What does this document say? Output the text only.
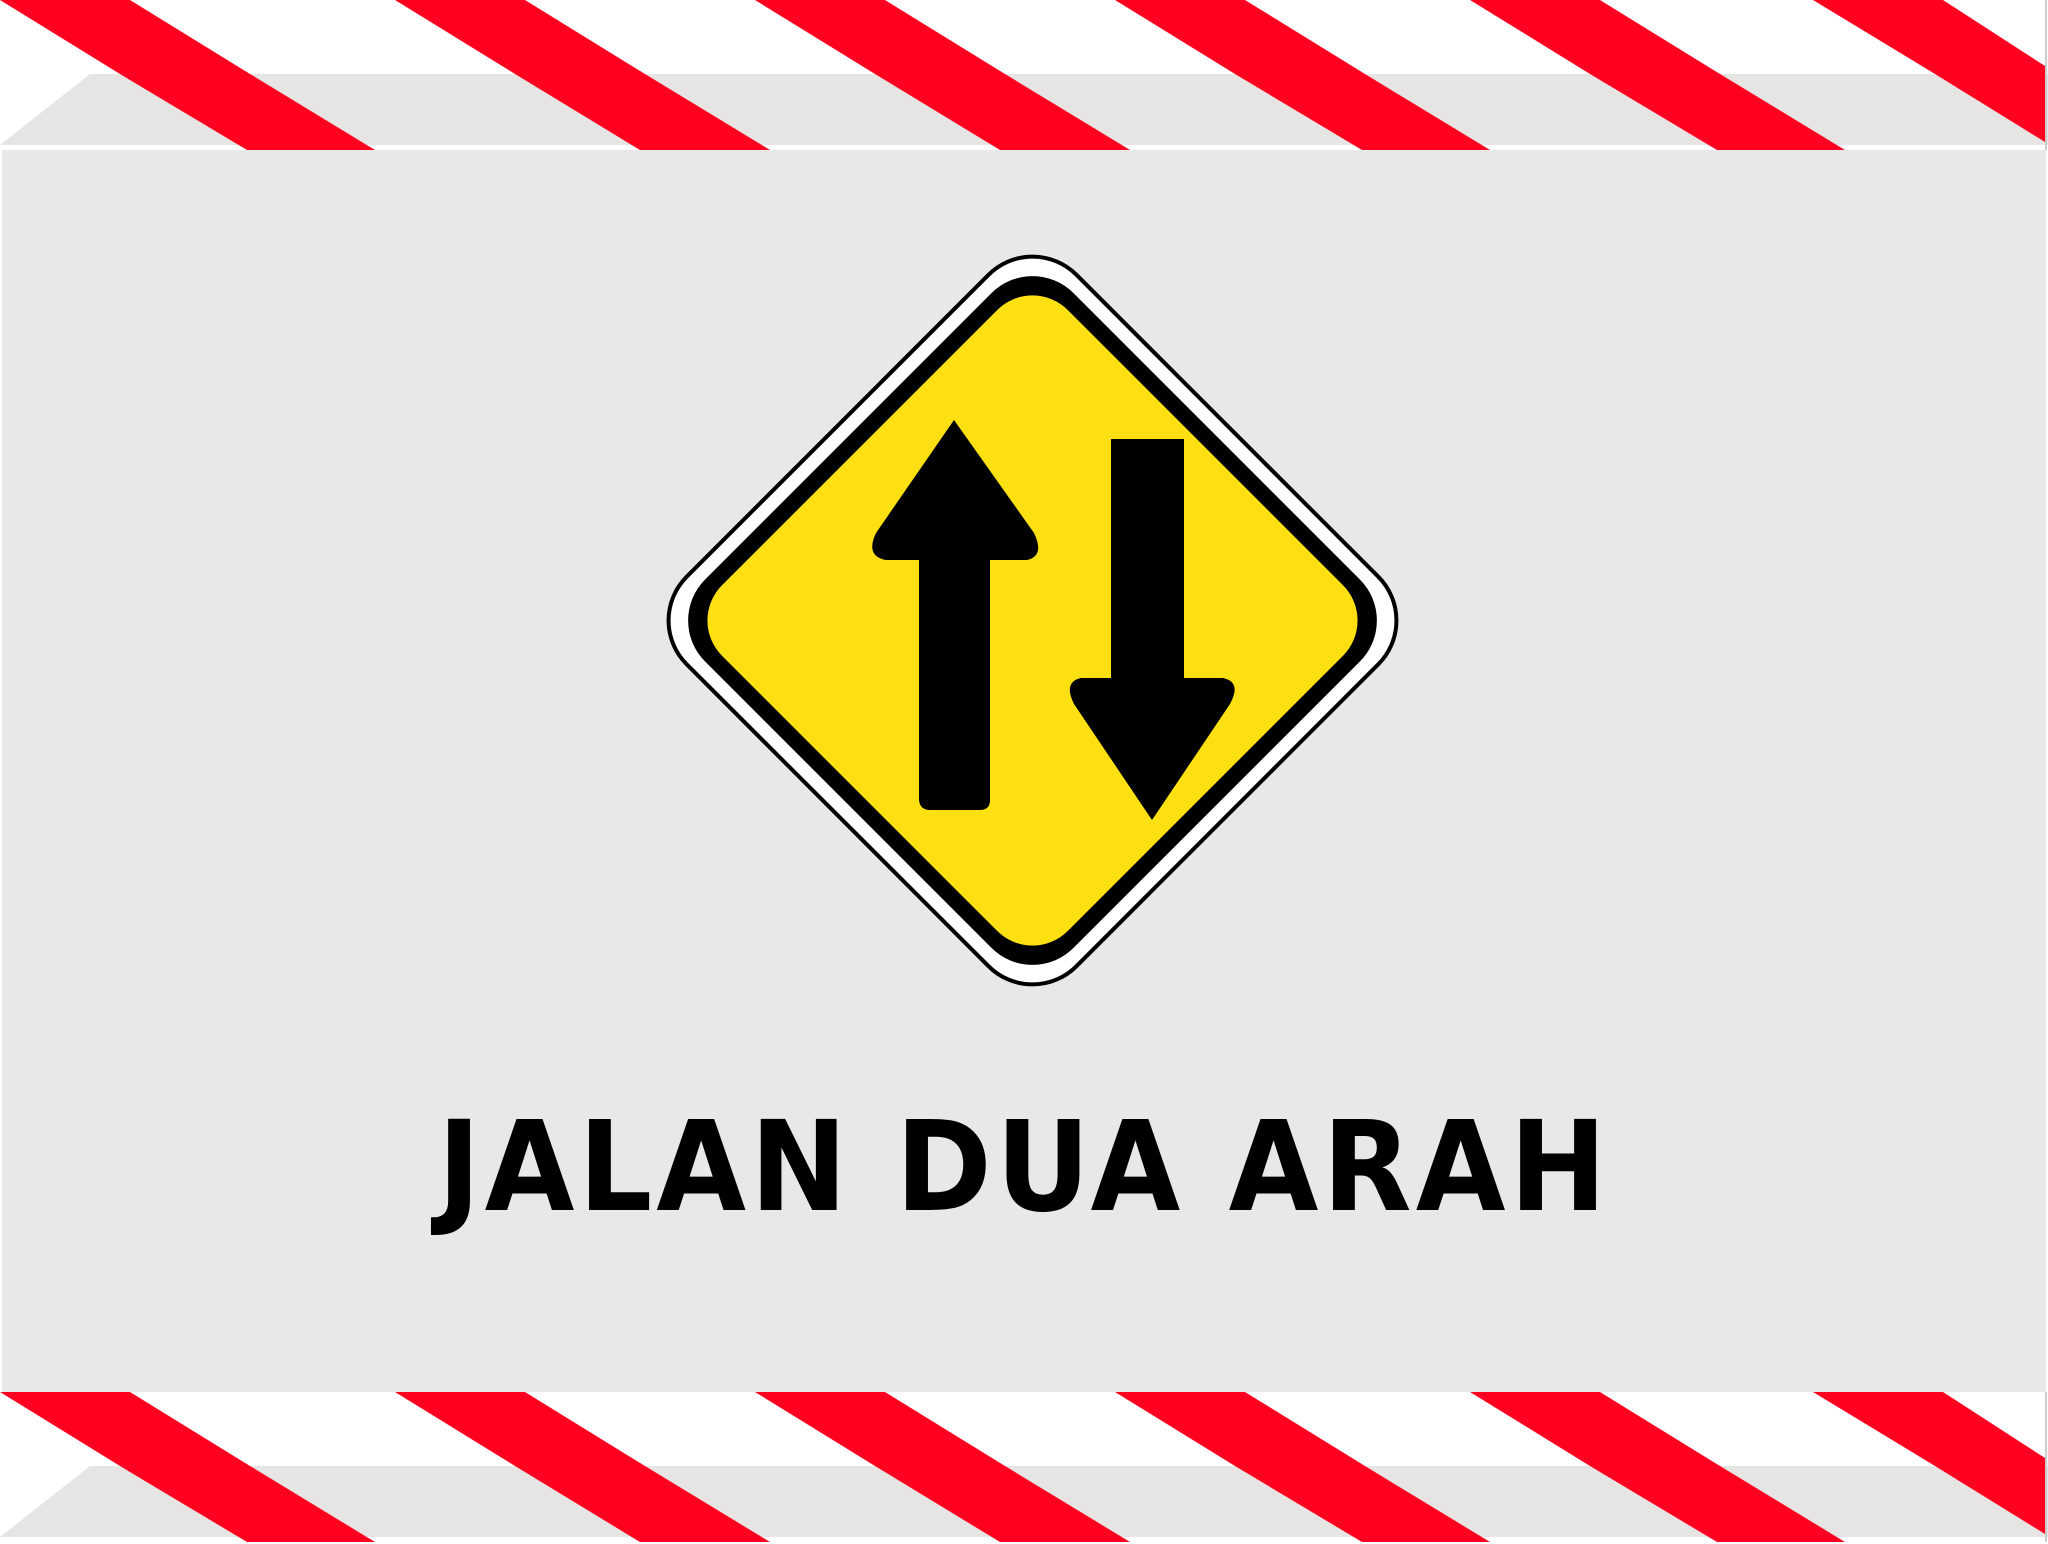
JALAN DUA ARAH
